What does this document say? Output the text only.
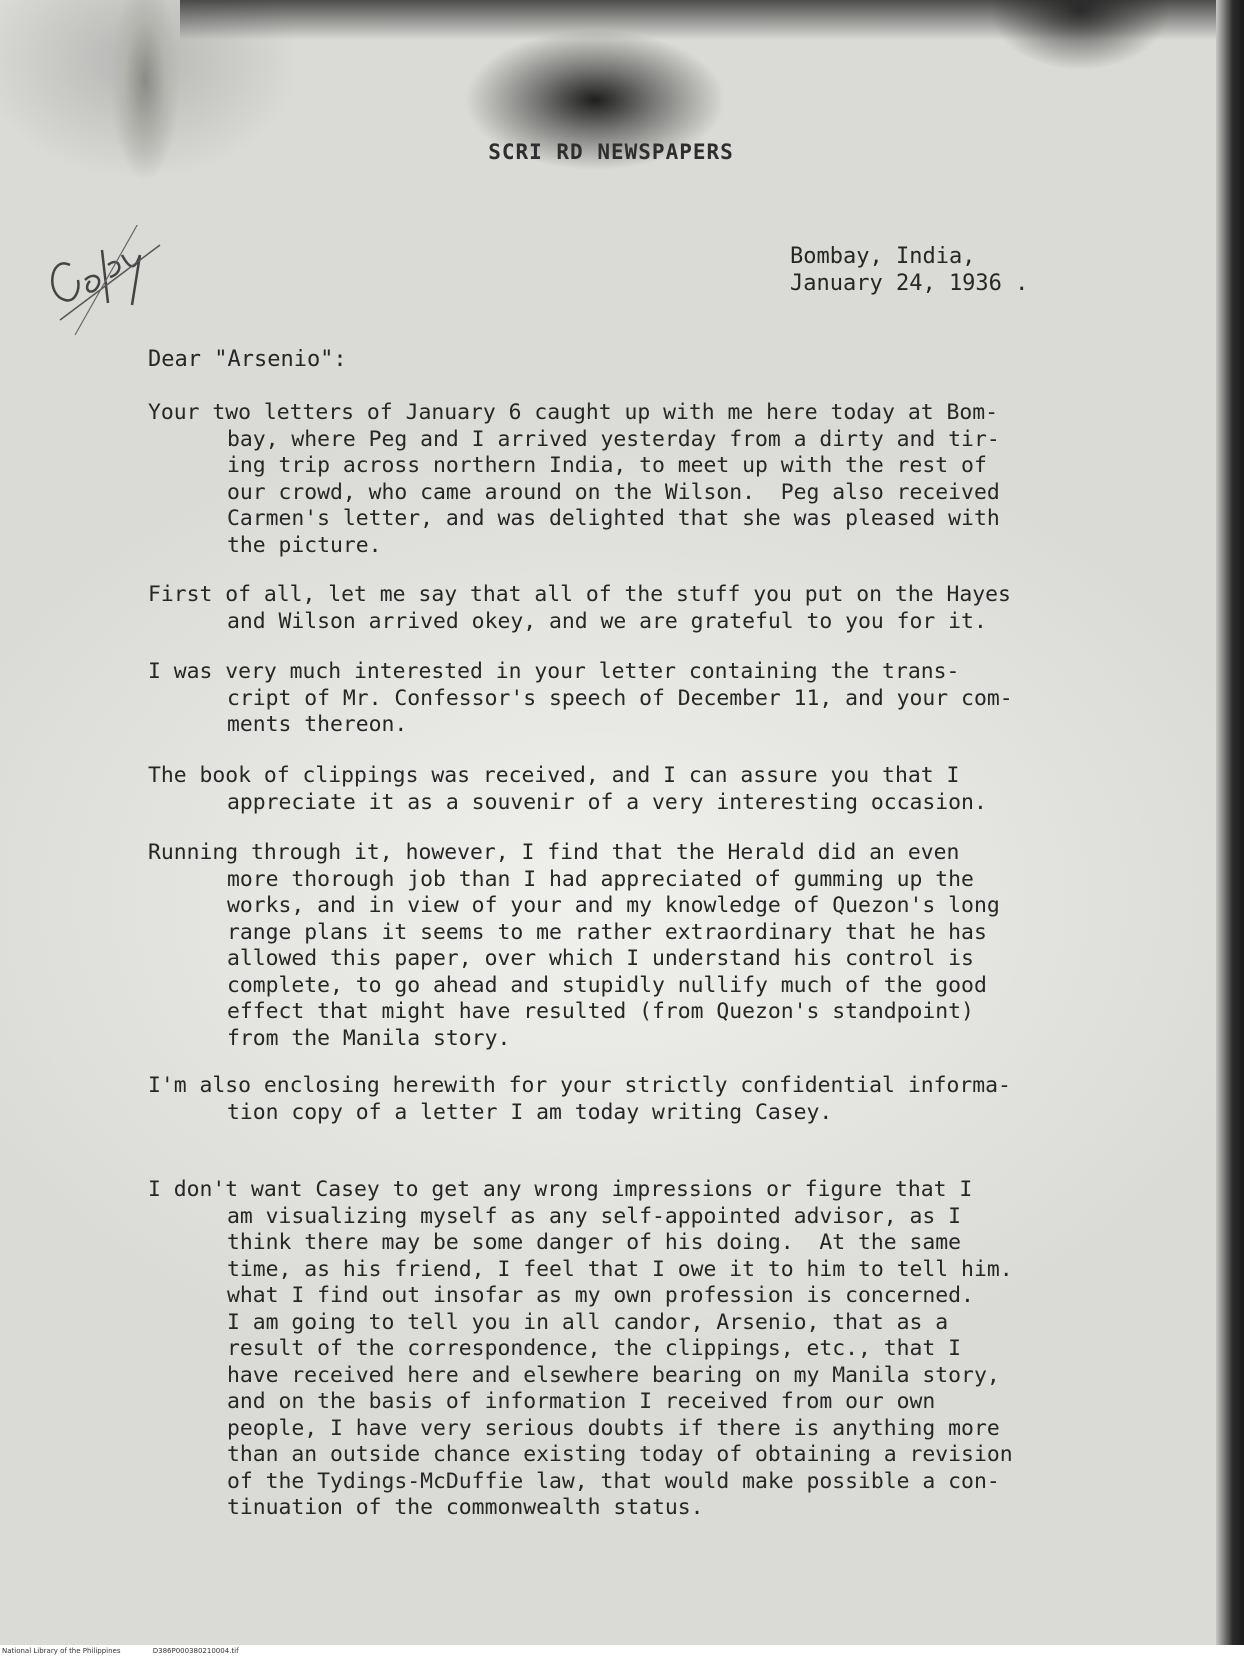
SCRI RD NEWSPAPERS
Bombay, India,
January 24, 1936 .
Dear "Arsenio":
Your two letters of January 6 caught up with me here today at Bom-
bay, where Peg and I arrived yesterday from a dirty and tir-
ing trip across northern India, to meet up with the rest of
our crowd, who came around on the Wilson.  Peg also received
Carmen's letter, and was delighted that she was pleased with
the picture.
First of all, let me say that all of the stuff you put on the Hayes
and Wilson arrived okey, and we are grateful to you for it.
I was very much interested in your letter containing the trans-
cript of Mr. Confessor's speech of December 11, and your com-
ments thereon.
The book of clippings was received, and I can assure you that I
appreciate it as a souvenir of a very interesting occasion.
Running through it, however, I find that the Herald did an even
more thorough job than I had appreciated of gumming up the
works, and in view of your and my knowledge of Quezon's long
range plans it seems to me rather extraordinary that he has
allowed this paper, over which I understand his control is
complete, to go ahead and stupidly nullify much of the good
effect that might have resulted (from Quezon's standpoint)
from the Manila story.
I'm also enclosing herewith for your strictly confidential informa-
tion copy of a letter I am today writing Casey.
I don't want Casey to get any wrong impressions or figure that I
am visualizing myself as any self-appointed advisor, as I
think there may be some danger of his doing.  At the same
time, as his friend, I feel that I owe it to him to tell him.
what I find out insofar as my own profession is concerned.
I am going to tell you in all candor, Arsenio, that as a
result of the correspondence, the clippings, etc., that I
have received here and elsewhere bearing on my Manila story,
and on the basis of information I received from our own
people, I have very serious doubts if there is anything more
than an outside chance existing today of obtaining a revision
of the Tydings-McDuffie law, that would make possible a con-
tinuation of the commonwealth status.
National Library of the Philippines	D386P000380210004.tif
